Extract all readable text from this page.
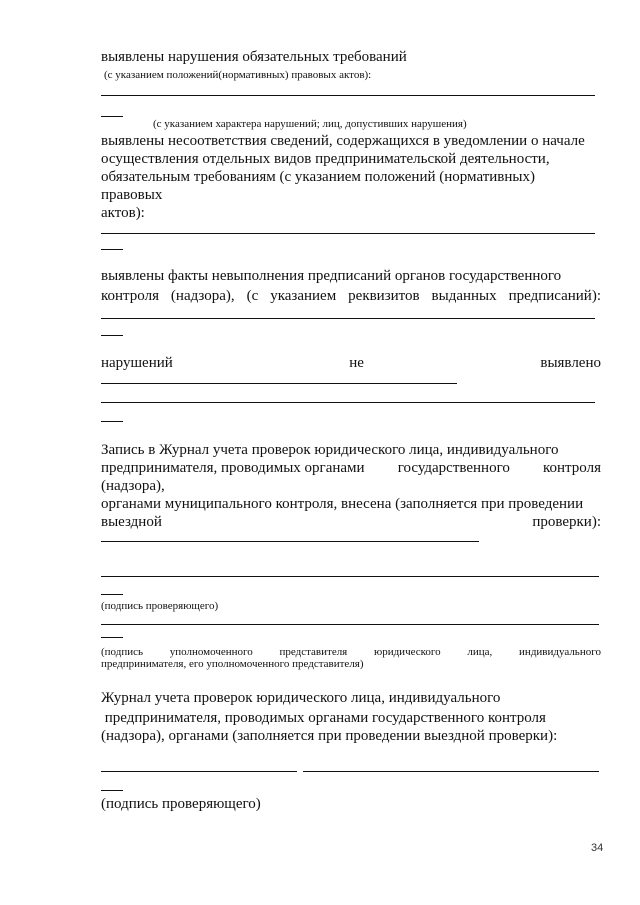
выявлены нарушения обязательных требований
(с указанием положений(нормативных) правовых актов):
(с указанием характера нарушений; лиц, допустивших нарушения)
выявлены несоответствия сведений, содержащихся в уведомлении о начале
осуществления отдельных видов предпринимательской деятельности,
обязательным требованиям (с указанием положений (нормативных)
правовых
актов):
выявлены факты невыполнения предписаний органов государственного
контроля (надзора), (с указанием реквизитов выданных предписаний):
нарушений	не	выявлено
Запись в Журнал учета проверок юридического лица, индивидуального
предпринимателя, проводимых органами государственного контроля
(надзора),
органами муниципального контроля, внесена (заполняется при проведении
выездной	проверки):
(подпись проверяющего)
(подпись уполномоченного представителя юридического лица, индивидуального
предпринимателя, его уполномоченного представителя)
Журнал учета проверок юридического лица, индивидуального
предпринимателя, проводимых органами государственного контроля
(надзора), органами (заполняется при проведении выездной проверки):
(подпись проверяющего)
34
